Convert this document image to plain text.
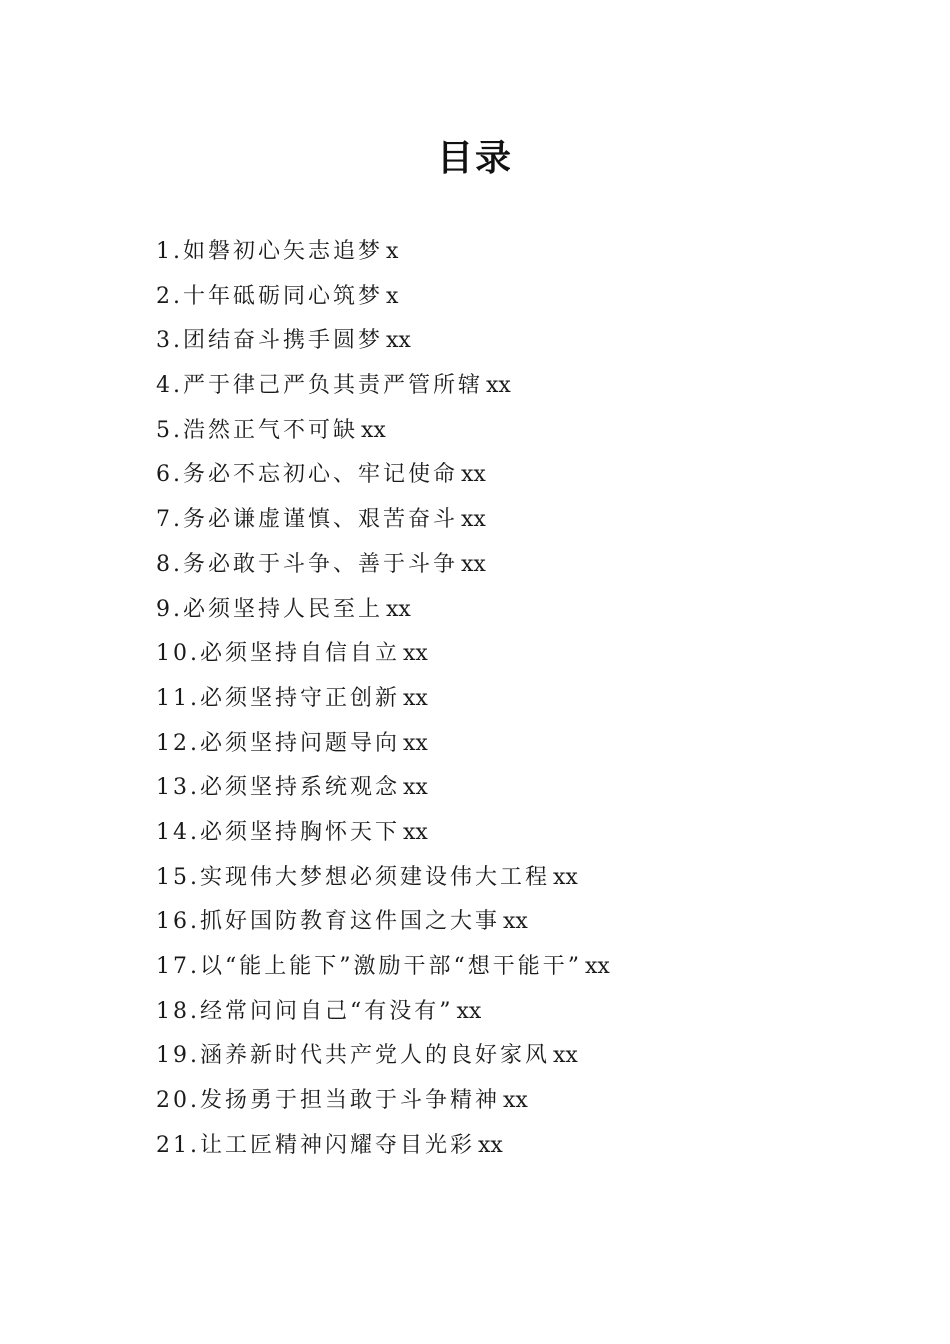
目录
1.如磐初心矢志追梦 x
2.十年砥砺同心筑梦 x
3.团结奋斗携手圆梦 xx
4.严于律己严负其责严管所辖 xx
5.浩然正气不可缺 xx
6.务必不忘初心、牢记使命 xx
7.务必谦虚谨慎、艰苦奋斗 xx
8.务必敢于斗争、善于斗争 xx
9.必须坚持人民至上 xx
10.必须坚持自信自立 xx
11.必须坚持守正创新 xx
12.必须坚持问题导向 xx
13.必须坚持系统观念 xx
14.必须坚持胸怀天下 xx
15.实现伟大梦想必须建设伟大工程 xx
16.抓好国防教育这件国之大事 xx
17.以“能上能下”激励干部“想干能干” xx
18.经常问问自己“有没有” xx
19.涵养新时代共产党人的良好家风 xx
20.发扬勇于担当敢于斗争精神 xx
21.让工匠精神闪耀夺目光彩 xx
